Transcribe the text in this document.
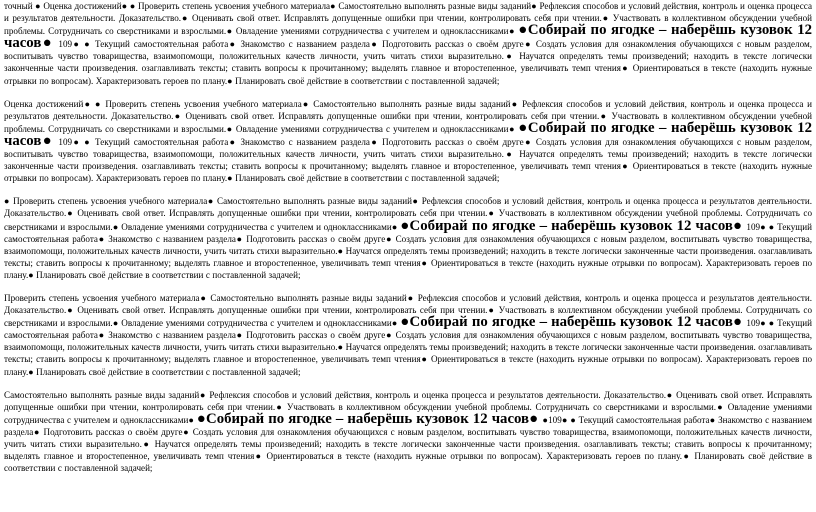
точный ● Оценка достижений● ● Проверить степень усвоения учебного материала● Самостоятельно выполнять разные виды заданий● Рефлексия способов и условий действия, контроль и оценка процесса и результатов деятельности. Доказательство.● Оценивать свой ответ. Исправлять допущенные ошибки при чтении, контролировать себя при чтении.● Участвовать в коллективном обсуждении учебной проблемы. Сотрудничать со сверстниками и взрослыми.● Овладение умениями сотрудничества с учителем и одноклассниками● ●Собирай по ягодке – наберёшь кузовок 12 часов● 109● ● Текущий самостоятельная работа● Знакомство с названием раздела● Подготовить рассказ о своём друге● Создать условия для ознакомления обучающихся с новым разделом, воспитывать чувство товарищества, взаимопомощи, положительных качеств личности, учить читать стихи выразительно.● Научатся определять темы произведений; находить в тексте логически законченные части произведения. озаглавливать тексты; ставить вопросы к прочитанному; выделять главное и второстепенное, увеличивать темп чтения● Ориентироваться в тексте (находить нужные отрывки по вопросам). Характеризовать героев по плану.● Планировать своё действие в соответствии с поставленной задачей;

Оценка достижений● ● Проверить степень усвоения учебного материала● Самостоятельно выполнять разные виды заданий● Рефлексия способов и условий действия, контроль и оценка процесса и результатов деятельности. Доказательство.● Оценивать свой ответ. Исправлять допущенные ошибки при чтении, контролировать себя при чтении.● Участвовать в коллективном обсуждении учебной проблемы. Сотрудничать со сверстниками и взрослыми.● Овладение умениями сотрудничества с учителем и одноклассниками● ●Собирай по ягодке – наберёшь кузовок 12 часов● 109● ● Текущий самостоятельная работа● Знакомство с названием раздела● Подготовить рассказ о своём друге● Создать условия для ознакомления обучающихся с новым разделом, воспитывать чувство товарищества, взаимопомощи, положительных качеств личности, учить читать стихи выразительно.● Научатся определять темы произведений; находить в тексте логически законченные части произведения. озаглавливать тексты; ставить вопросы к прочитанному; выделять главное и второстепенное, увеличивать темп чтения● Ориентироваться в тексте (находить нужные отрывки по вопросам). Характеризовать героев по плану.● Планировать своё действие в соответствии с поставленной задачей;

● Проверить степень усвоения учебного материала● Самостоятельно выполнять разные виды заданий● Рефлексия способов и условий действия, контроль и оценка процесса и результатов деятельности. Доказательство.● Оценивать свой ответ. Исправлять допущенные ошибки при чтении, контролировать себя при чтении.● Участвовать в коллективном обсуждении учебной проблемы. Сотрудничать со сверстниками и взрослыми.● Овладение умениями сотрудничества с учителем и одноклассниками● ●Собирай по ягодке – наберёшь кузовок 12 часов● 109● ● Текущий самостоятельная работа● Знакомство с названием раздела● Подготовить рассказ о своём друге● Создать условия для ознакомления обучающихся с новым разделом, воспитывать чувство товарищества, взаимопомощи, положительных качеств личности, учить читать стихи выразительно.● Научатся определять темы произведений; находить в тексте логически законченные части произведения. озаглавливать тексты; ставить вопросы к прочитанному; выделять главное и второстепенное, увеличивать темп чтения● Ориентироваться в тексте (находить нужные отрывки по вопросам). Характеризовать героев по плану.● Планировать своё действие в соответствии с поставленной задачей;

Проверить степень усвоения учебного материала● Самостоятельно выполнять разные виды заданий● Рефлексия способов и условий действия, контроль и оценка процесса и результатов деятельности. Доказательство.● Оценивать свой ответ. Исправлять допущенные ошибки при чтении, контролировать себя при чтении.● Участвовать в коллективном обсуждении учебной проблемы. Сотрудничать со сверстниками и взрослыми.● Овладение умениями сотрудничества с учителем и одноклассниками● ●Собирай по ягодке – наберёшь кузовок 12 часов● 109● ● Текущий самостоятельная работа● Знакомство с названием раздела● Подготовить рассказ о своём друге● Создать условия для ознакомления обучающихся с новым разделом, воспитывать чувство товарищества, взаимопомощи, положительных качеств личности, учить читать стихи выразительно.● Научатся определять темы произведений; находить в тексте логически законченные части произведения. озаглавливать тексты; ставить вопросы к прочитанному; выделять главное и второстепенное, увеличивать темп чтения● Ориентироваться в тексте (находить нужные отрывки по вопросам). Характеризовать героев по плану.● Планировать своё действие в соответствии с поставленной задачей;

Самостоятельно выполнять разные виды заданий● Рефлексия способов и условий действия, контроль и оценка процесса и результатов деятельности. Доказательство.● Оценивать свой ответ. Исправлять допущенные ошибки при чтении, контролировать себя при чтении.● Участвовать в коллективном обсуждении учебной проблемы. Сотрудничать со сверстниками и взрослыми.● Овладение умениями сотрудничества с учителем и одноклассниками● ●Собирай по ягодке – наберёшь кузовок 12 часов● ●109● ● Текущий самостоятельная работа● Знакомство с названием раздела● Подготовить рассказ о своём друге● Создать условия для ознакомления обучающихся с новым разделом, воспитывать чувство товарищества, взаимопомощи, положительных качеств личности, учить читать стихи выразительно.● Научатся определять темы произведений; находить в тексте логически законченные части произведения. озаглавливать тексты; ставить вопросы к прочитанному; выделять главное и второстепенное, увеличивать темп чтения● Ориентироваться в тексте (находить нужные отрывки по вопросам). Характеризовать героев по плану.● Планировать своё действие в соответствии с поставленной задачей;
